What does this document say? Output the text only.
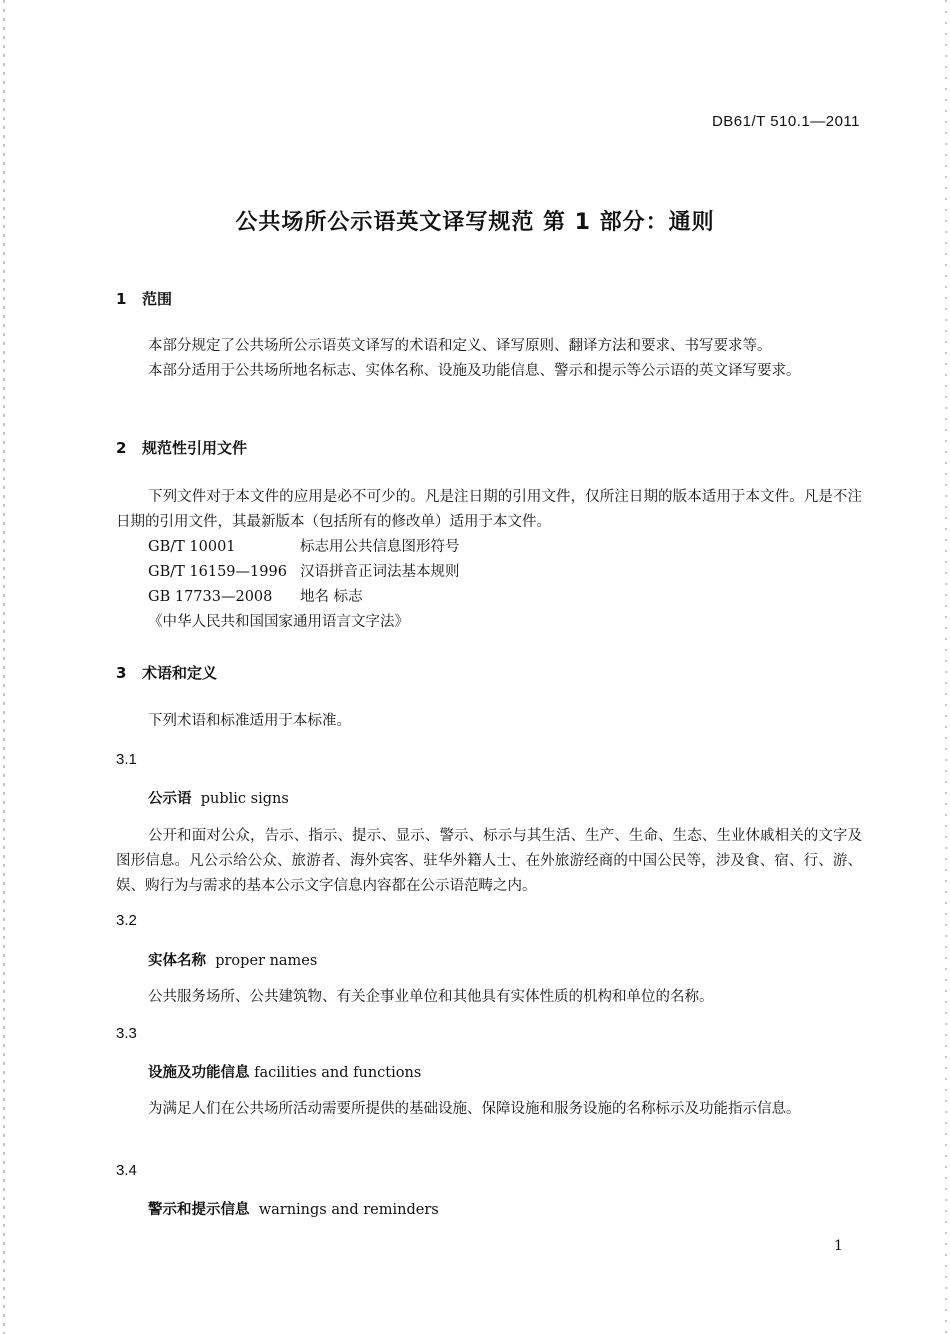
DB61/T 510.1—2011
公共场所公示语英文译写规范 第 1 部分：通则
1 范围
本部分规定了公共场所公示语英文译写的术语和定义、译写原则、翻译方法和要求、书写要求等。
本部分适用于公共场所地名标志、实体名称、设施及功能信息、警示和提示等公示语的英文译写要求。
2 规范性引用文件
下列文件对于本文件的应用是必不可少的。凡是注日期的引用文件，仅所注日期的版本适用于本文件。凡是不注日期的引用文件，其最新版本（包括所有的修改单）适用于本文件。
GB/T 10001	标志用公共信息图形符号
GB/T 16159—1996 汉语拼音正词法基本规则
GB 17733—2008 地名 标志
《中华人民共和国国家通用语言文字法》
3 术语和定义
下列术语和标准适用于本标准。
3.1
公示语 public signs
公开和面对公众，告示、指示、提示、显示、警示、标示与其生活、生产、生命、生态、生业休戚相关的文字及图形信息。凡公示给公众、旅游者、海外宾客、驻华外籍人士、在外旅游经商的中国公民等，涉及食、宿、行、游、娱、购行为与需求的基本公示文字信息内容都在公示语范畴之内。
3.2
实体名称 proper names
公共服务场所、公共建筑物、有关企事业单位和其他具有实体性质的机构和单位的名称。
3.3
设施及功能信息 facilities and functions
为满足人们在公共场所活动需要所提供的基础设施、保障设施和服务设施的名称标示及功能指示信息。
3.4
警示和提示信息 warnings and reminders
1
